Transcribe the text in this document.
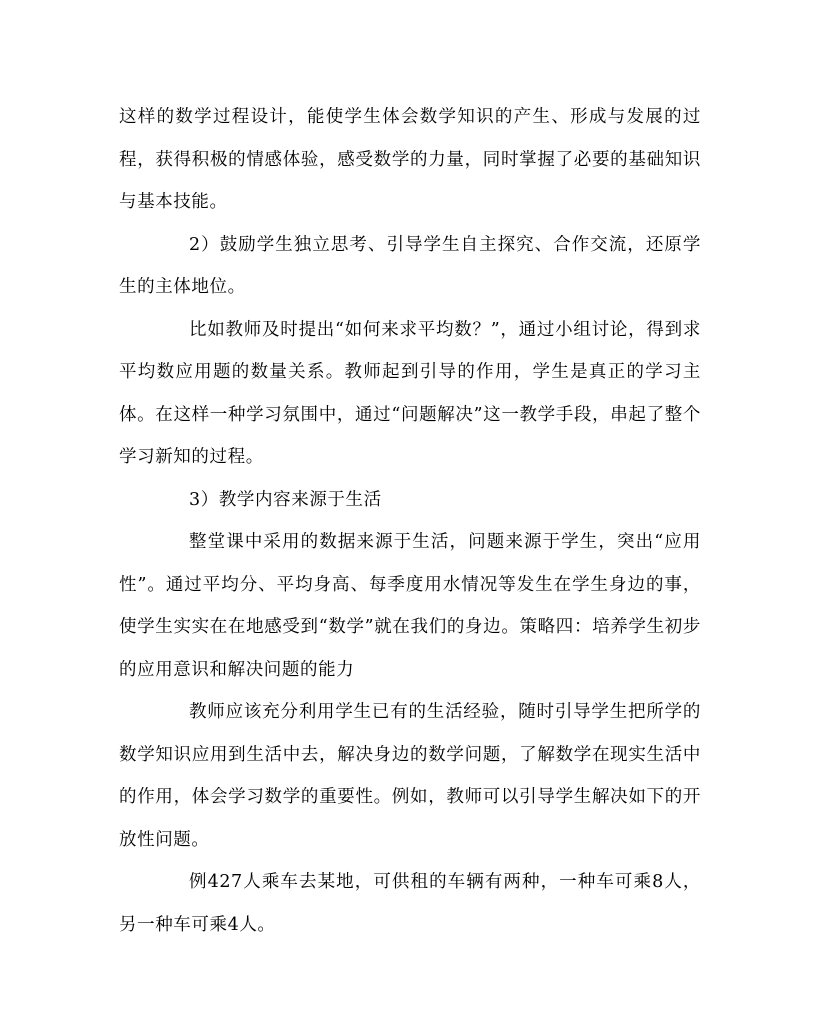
这样的数学过程设计，能使学生体会数学知识的产生、形成与发展的过程，获得积极的情感体验，感受数学的力量，同时掌握了必要的基础知识与基本技能。

2）鼓励学生独立思考、引导学生自主探究、合作交流，还原学生的主体地位。

比如教师及时提出“如何来求平均数？”，通过小组讨论，得到求平均数应用题的数量关系。教师起到引导的作用，学生是真正的学习主体。在这样一种学习氛围中，通过“问题解决”这一教学手段，串起了整个学习新知的过程。

3）教学内容来源于生活

整堂课中采用的数据来源于生活，问题来源于学生，突出“应用性”。通过平均分、平均身高、每季度用水情况等发生在学生身边的事，使学生实实在在地感受到“数学”就在我们的身边。策略四：培养学生初步的应用意识和解决问题的能力

教师应该充分利用学生已有的生活经验，随时引导学生把所学的数学知识应用到生活中去，解决身边的数学问题，了解数学在现实生活中的作用，体会学习数学的重要性。例如，教师可以引导学生解决如下的开放性问题。

例427人乘车去某地，可供租的车辆有两种，一种车可乘8人，另一种车可乘4人。
